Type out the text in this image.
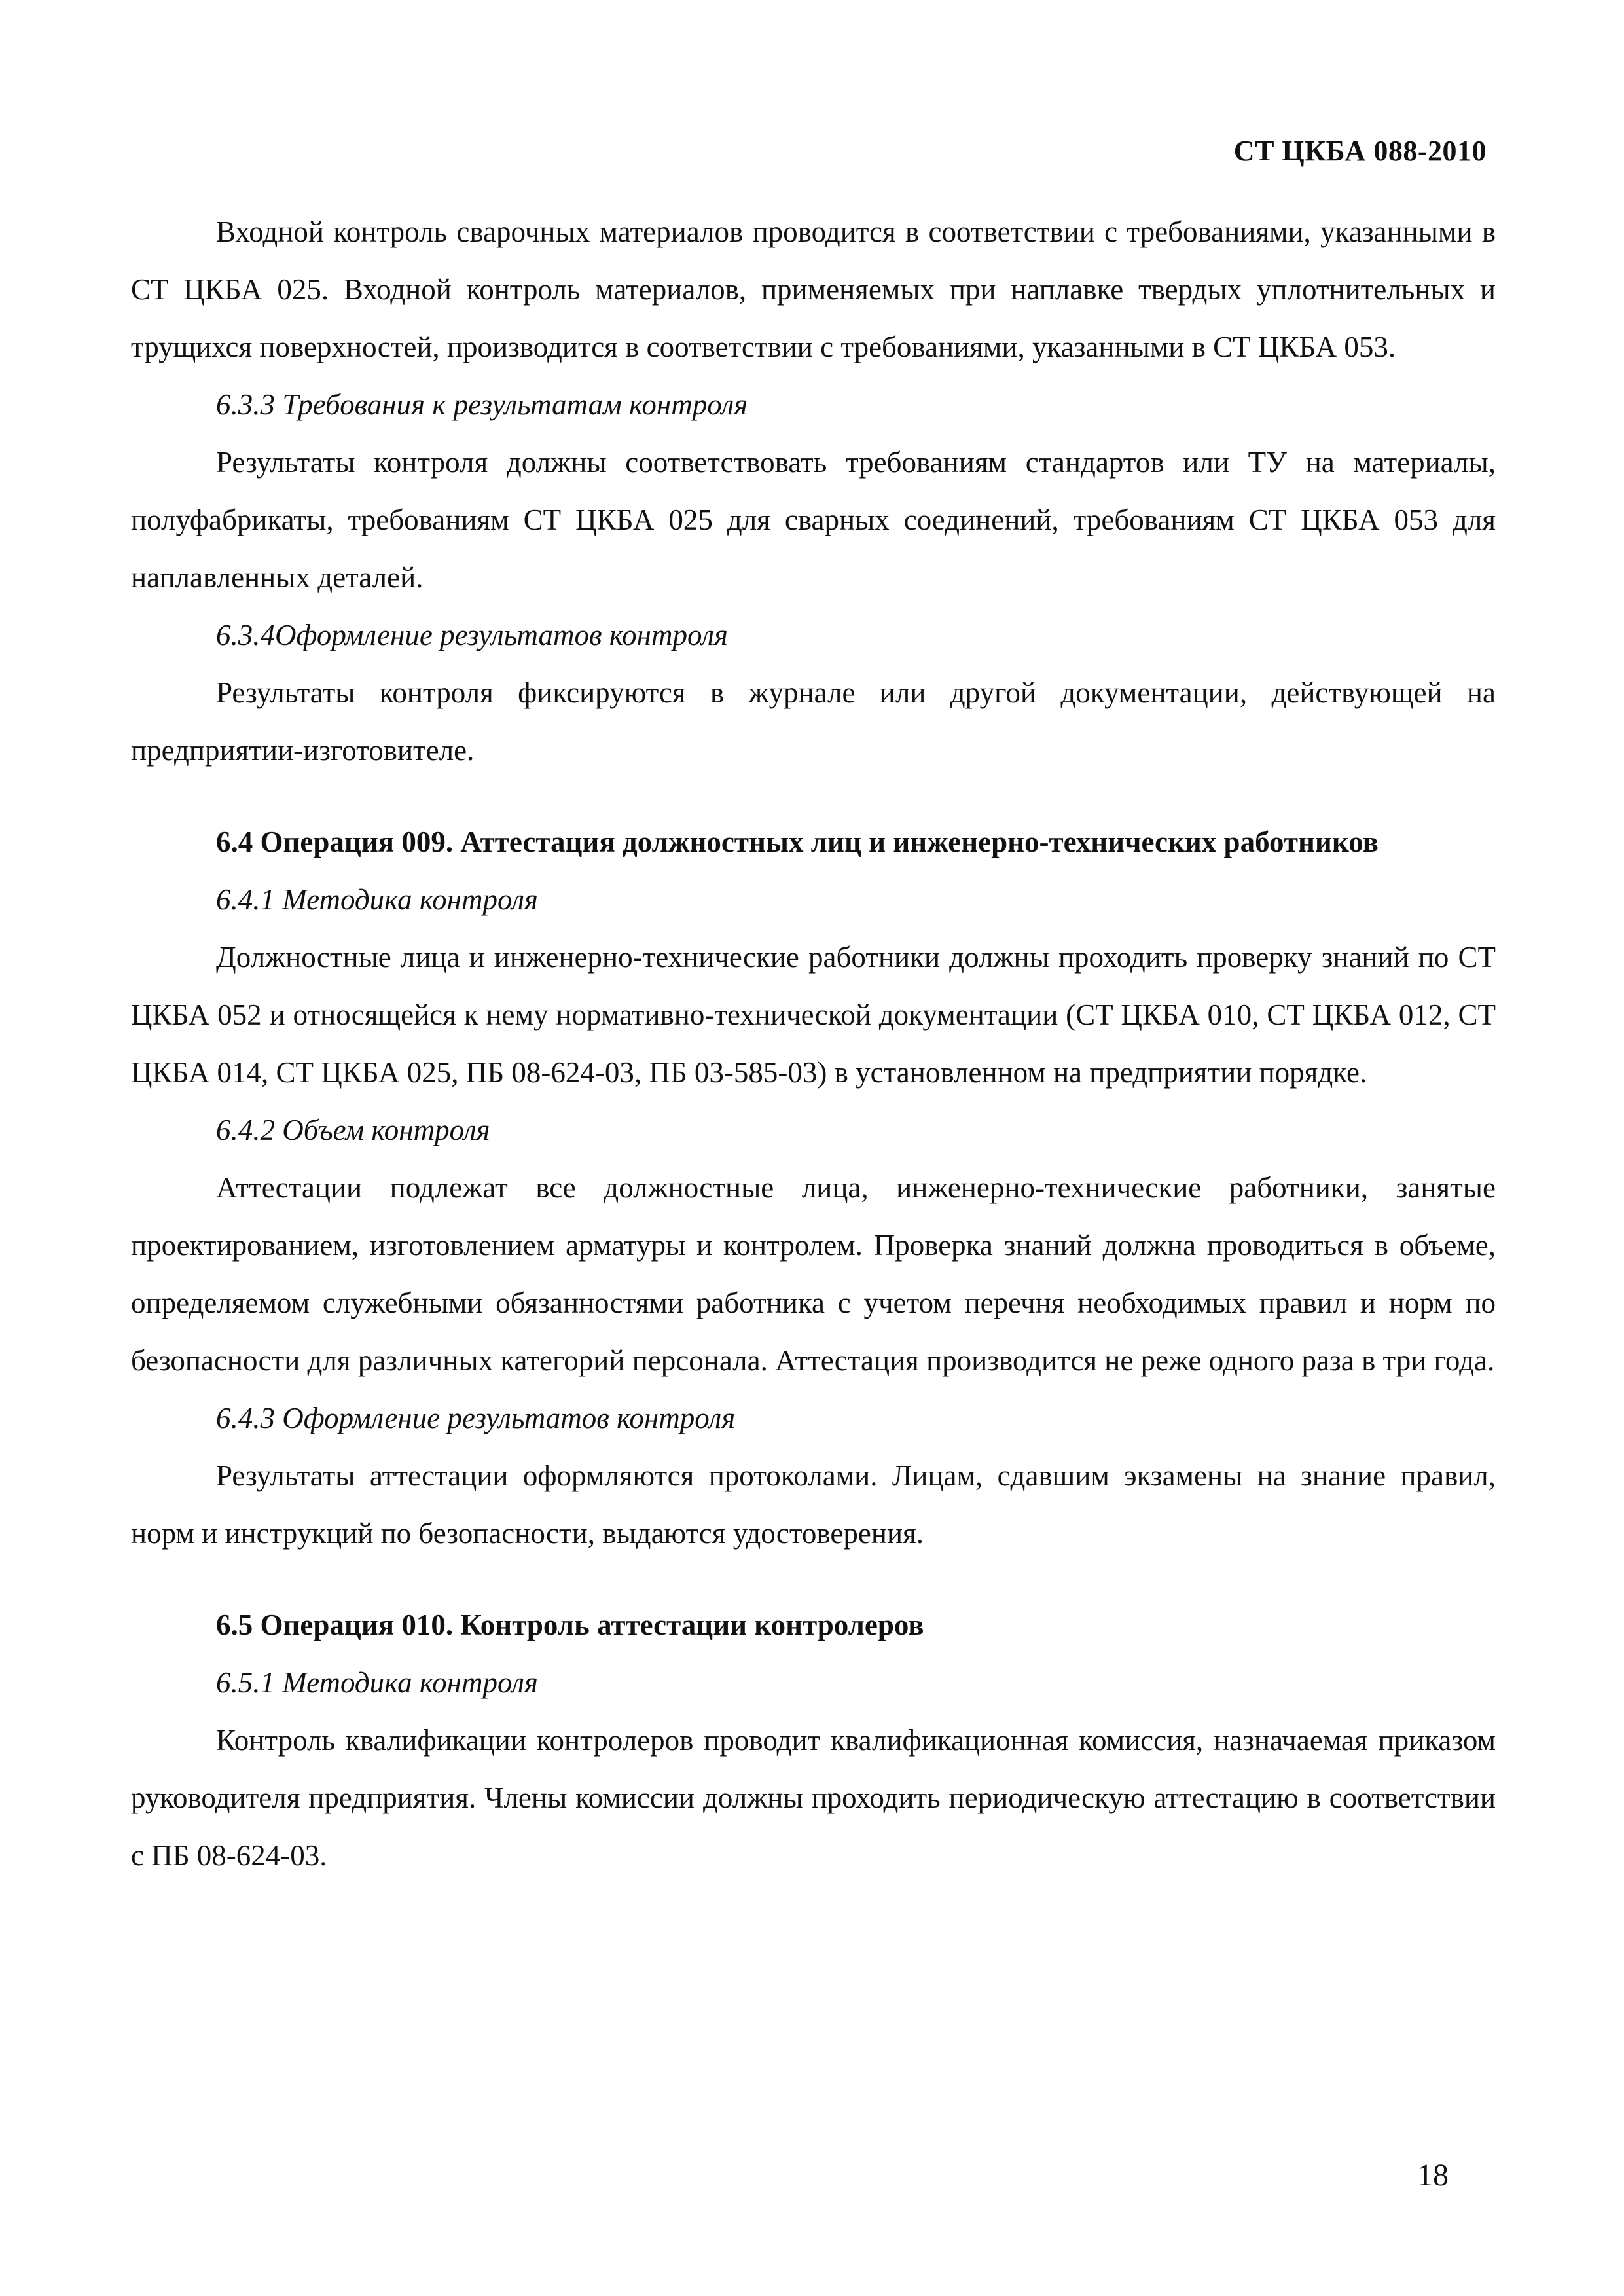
СТ ЦКБА 088-2010

Входной контроль сварочных материалов проводится в соответствии с требованиями, указанными в СТ ЦКБА 025. Входной контроль материалов, применяемых при наплавке твердых уплотнительных и трущихся поверхностей, производится в соответствии с требованиями, указанными в СТ ЦКБА 053.

6.3.3 Требования к результатам контроля

Результаты контроля должны соответствовать требованиям стандартов или ТУ на материалы, полуфабрикаты, требованиям СТ ЦКБА 025 для сварных соединений, требованиям СТ ЦКБА 053 для наплавленных деталей.

6.3.4Оформление результатов контроля

Результаты контроля фиксируются в журнале или другой документации, действующей на предприятии-изготовителе.

6.4 Операция 009. Аттестация должностных лиц и инженерно-технических работников

6.4.1 Методика контроля

Должностные лица и инженерно-технические работники должны проходить проверку знаний по СТ ЦКБА 052 и относящейся к нему нормативно-технической документации (СТ ЦКБА 010, СТ ЦКБА 012, СТ ЦКБА 014, СТ ЦКБА 025, ПБ 08-624-03, ПБ 03-585-03) в установленном на предприятии порядке.

6.4.2 Объем контроля

Аттестации подлежат все должностные лица, инженерно-технические работники, занятые проектированием, изготовлением арматуры и контролем. Проверка знаний должна проводиться в объеме, определяемом служебными обязанностями работника с учетом перечня необходимых правил и норм по безопасности для различных категорий персонала. Аттестация производится не реже одного раза в три года.

6.4.3 Оформление результатов контроля

Результаты аттестации оформляются протоколами. Лицам, сдавшим экзамены на знание правил, норм и инструкций по безопасности, выдаются удостоверения.

6.5 Операция 010. Контроль аттестации контролеров

6.5.1 Методика контроля

Контроль квалификации контролеров проводит квалификационная комиссия, назначаемая приказом руководителя предприятия. Члены комиссии должны проходить периодическую аттестацию в соответствии с ПБ 08-624-03.

18
